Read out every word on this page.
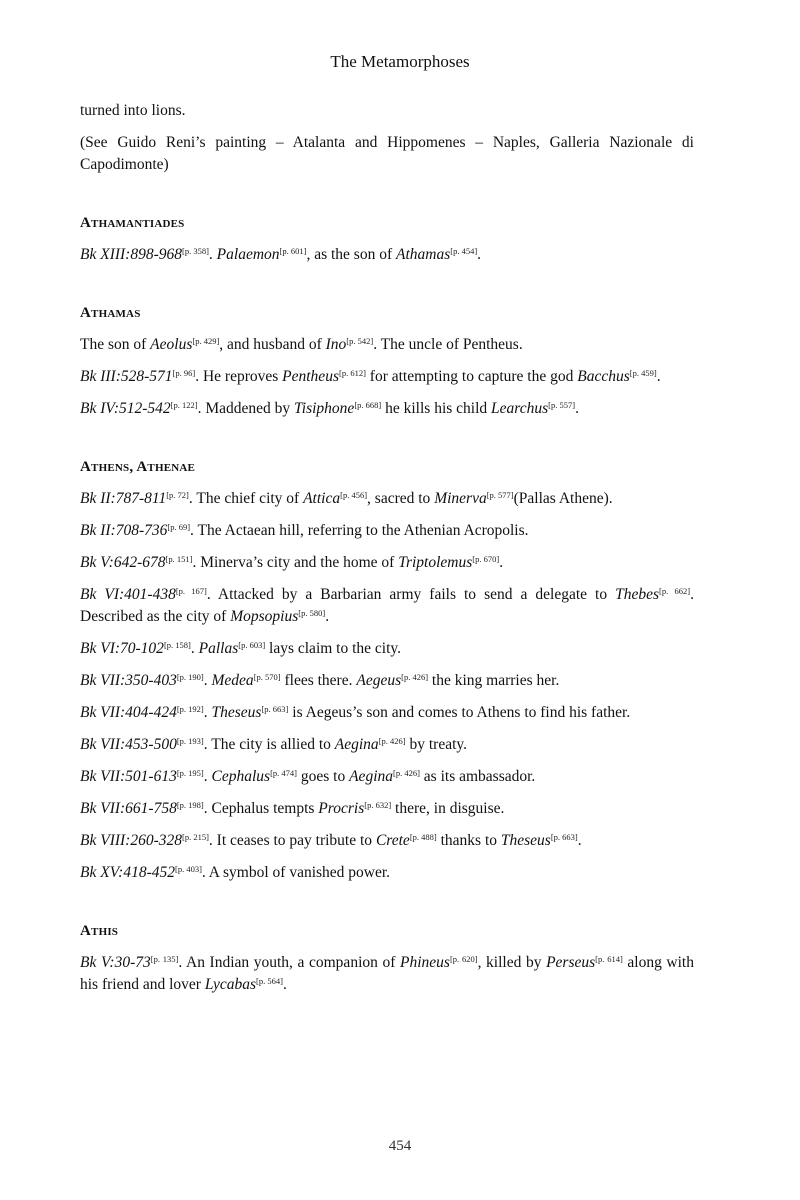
The Metamorphoses

turned into lions.

(See Guido Reni’s painting – Atalanta and Hippomenes – Naples, Galleria Nazionale di Capodimonte)

Athamantiades

Bk XIII:898-968[p. 358]. Palaemon[p. 601], as the son of Athamas[p. 454].

Athamas

The son of Aeolus[p. 429], and husband of Ino[p. 542]. The uncle of Pentheus.

Bk III:528-571[p. 96]. He reproves Pentheus[p. 612] for attempting to capture the god Bacchus[p. 459].

Bk IV:512-542[p. 122]. Maddened by Tisiphone[p. 668] he kills his child Learchus[p. 557].

Athens, Athenae

Bk II:787-811[p. 72]. The chief city of Attica[p. 456], sacred to Minerva[p. 577](Pallas Athene).

Bk II:708-736[p. 69]. The Actaean hill, referring to the Athenian Acropolis.

Bk V:642-678[p. 151]. Minerva’s city and the home of Triptolemus[p. 670].

Bk VI:401-438[p. 167]. Attacked by a Barbarian army fails to send a delegate to Thebes[p. 662]. Described as the city of Mopsopius[p. 580].

Bk VI:70-102[p. 158]. Pallas[p. 603] lays claim to the city.

Bk VII:350-403[p. 190]. Medea[p. 570] flees there. Aegeus[p. 426] the king marries her.

Bk VII:404-424[p. 192]. Theseus[p. 663] is Aegeus’s son and comes to Athens to find his father.

Bk VII:453-500[p. 193]. The city is allied to Aegina[p. 426] by treaty.

Bk VII:501-613[p. 195]. Cephalus[p. 474] goes to Aegina[p. 426] as its ambassador.

Bk VII:661-758[p. 198]. Cephalus tempts Procris[p. 632] there, in disguise.

Bk VIII:260-328[p. 215]. It ceases to pay tribute to Crete[p. 488] thanks to Theseus[p. 663].

Bk XV:418-452[p. 403]. A symbol of vanished power.

Athis

Bk V:30-73[p. 135]. An Indian youth, a companion of Phineus[p. 620], killed by Perseus[p. 614] along with his friend and lover Lycabas[p. 564].

454
